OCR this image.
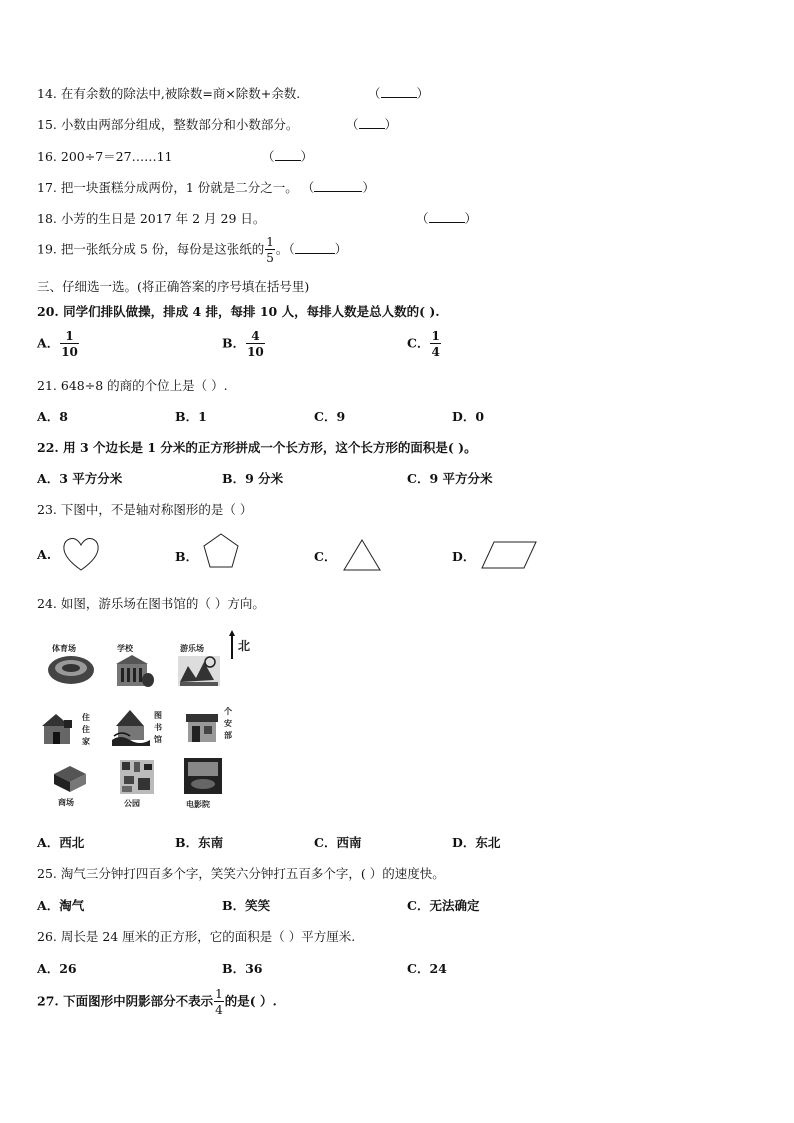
14. 在有余数的除法中,被除数=商×除数+余数.	（	）
15. 小数由两部分组成，整数部分和小数部分。	（ ）
16. 200÷7＝27……11	（ ）
17. 把一块蛋糕分成两份，1 份就是二分之一。 （	）
18. 小芳的生日是 2017 年 2 月 29 日。	（	）
19. 把一张纸分成 5 份，每份是这张纸的 $\frac{1}{5}$ 。（	）
三、仔细选一选。(将正确答案的序号填在括号里)
20. 同学们排队做操，排成 4 排，每排 10 人，每排人数是总人数的( ).
A． $\frac{1}{10}$	B． $\frac{4}{10}$	C． $\frac{1}{4}$
21. 648÷8 的商的个位上是（ ）.
A．8	B．1	C．9	D．0
22. 用 3 个边长是 1 分米的正方形拼成一个长方形，这个长方形的面积是( )。
A．3 平方分米	B．9 分米	C．9 平方分米
23. 下图中，不是轴对称图形的是（ ）
A.	B．	C．	D．
24. 如图，游乐场在图书馆的（ ）方向。
北
体育场	学校	游乐场
住
住
家
图
书
馆
个
安
部
商场	公园	电影院
A．西北	B．东南	C．西南	D．东北
25. 淘气三分钟打四百多个字，笑笑六分钟打五百多个字，( ）的速度快。
A．淘气	B．笑笑	C．无法确定
26. 周长是 24 厘米的正方形，它的面积是（ ）平方厘米.
A．26	B．36	C．24
27. 下面图形中阴影部分不表示 $\frac{1}{4}$ 的是( ）.
